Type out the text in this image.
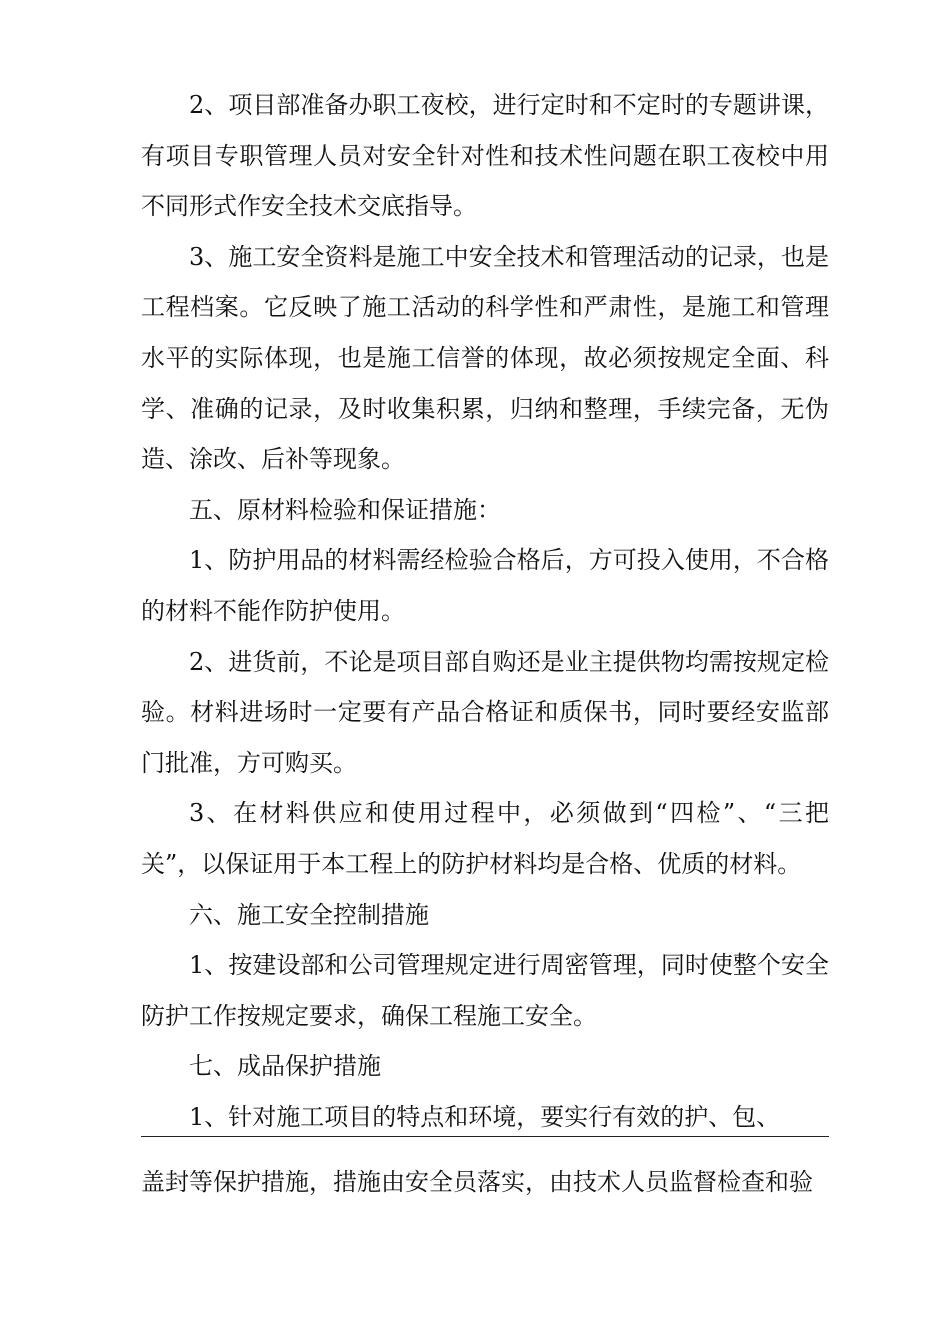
2、项目部准备办职工夜校，进行定时和不定时的专题讲课，有项目专职管理人员对安全针对性和技术性问题在职工夜校中用不同形式作安全技术交底指导。

3、施工安全资料是施工中安全技术和管理活动的记录，也是工程档案。它反映了施工活动的科学性和严肃性，是施工和管理水平的实际体现，也是施工信誉的体现，故必须按规定全面、科学、准确的记录，及时收集积累，归纳和整理，手续完备，无伪造、涂改、后补等现象。

五、原材料检验和保证措施：

1、防护用品的材料需经检验合格后，方可投入使用，不合格的材料不能作防护使用。

2、进货前，不论是项目部自购还是业主提供物均需按规定检验。材料进场时一定要有产品合格证和质保书，同时要经安监部门批准，方可购买。

3、在材料供应和使用过程中，必须做到“四检”、“三把关”，以保证用于本工程上的防护材料均是合格、优质的材料。

六、施工安全控制措施

1、按建设部和公司管理规定进行周密管理，同时使整个安全防护工作按规定要求，确保工程施工安全。

七、成品保护措施

1、针对施工项目的特点和环境，要实行有效的护、包、

盖封等保护措施，措施由安全员落实，由技术人员监督检查和验
